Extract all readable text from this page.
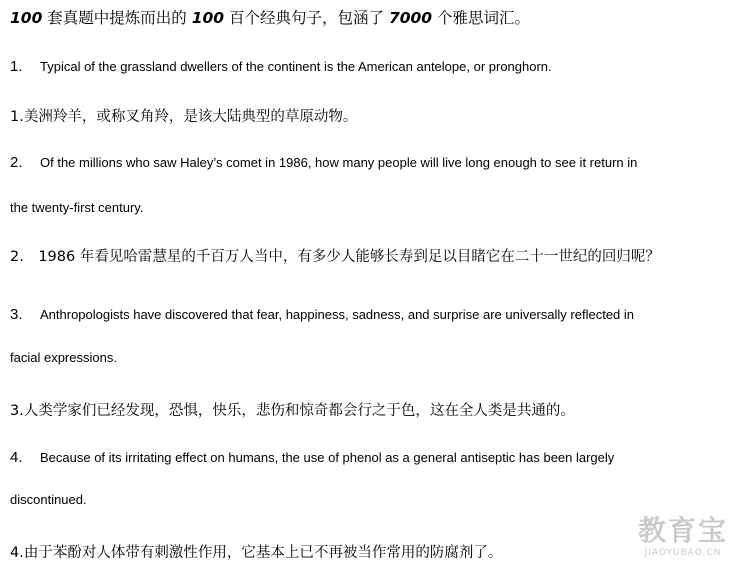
100 套真题中提炼而出的 100 百个经典句子，包涵了 7000 个雅思词汇。
1. Typical of the grassland dwellers of the continent is the American antelope, or pronghorn.
1.美洲羚羊，或称叉角羚，是该大陆典型的草原动物。
2. Of the millions who saw Haley’s comet in 1986, how many people will live long enough to see it return in
the twenty-first century.
2.　1986 年看见哈雷慧星的千百万人当中，有多少人能够长寿到足以目睹它在二十一世纪的回归呢？
3. Anthropologists have discovered that fear, happiness, sadness, and surprise are universally reflected in
facial expressions.
3.人类学家们已经发现，恐惧，快乐，悲伤和惊奇都会行之于色，这在全人类是共通的。
4. Because of its irritating effect on humans, the use of phenol as a general antiseptic has been largely
discontinued.
4.由于苯酚对人体带有刺激性作用，它基本上已不再被当作常用的防腐剂了。
教育宝
JIAOYUBAO.CN
